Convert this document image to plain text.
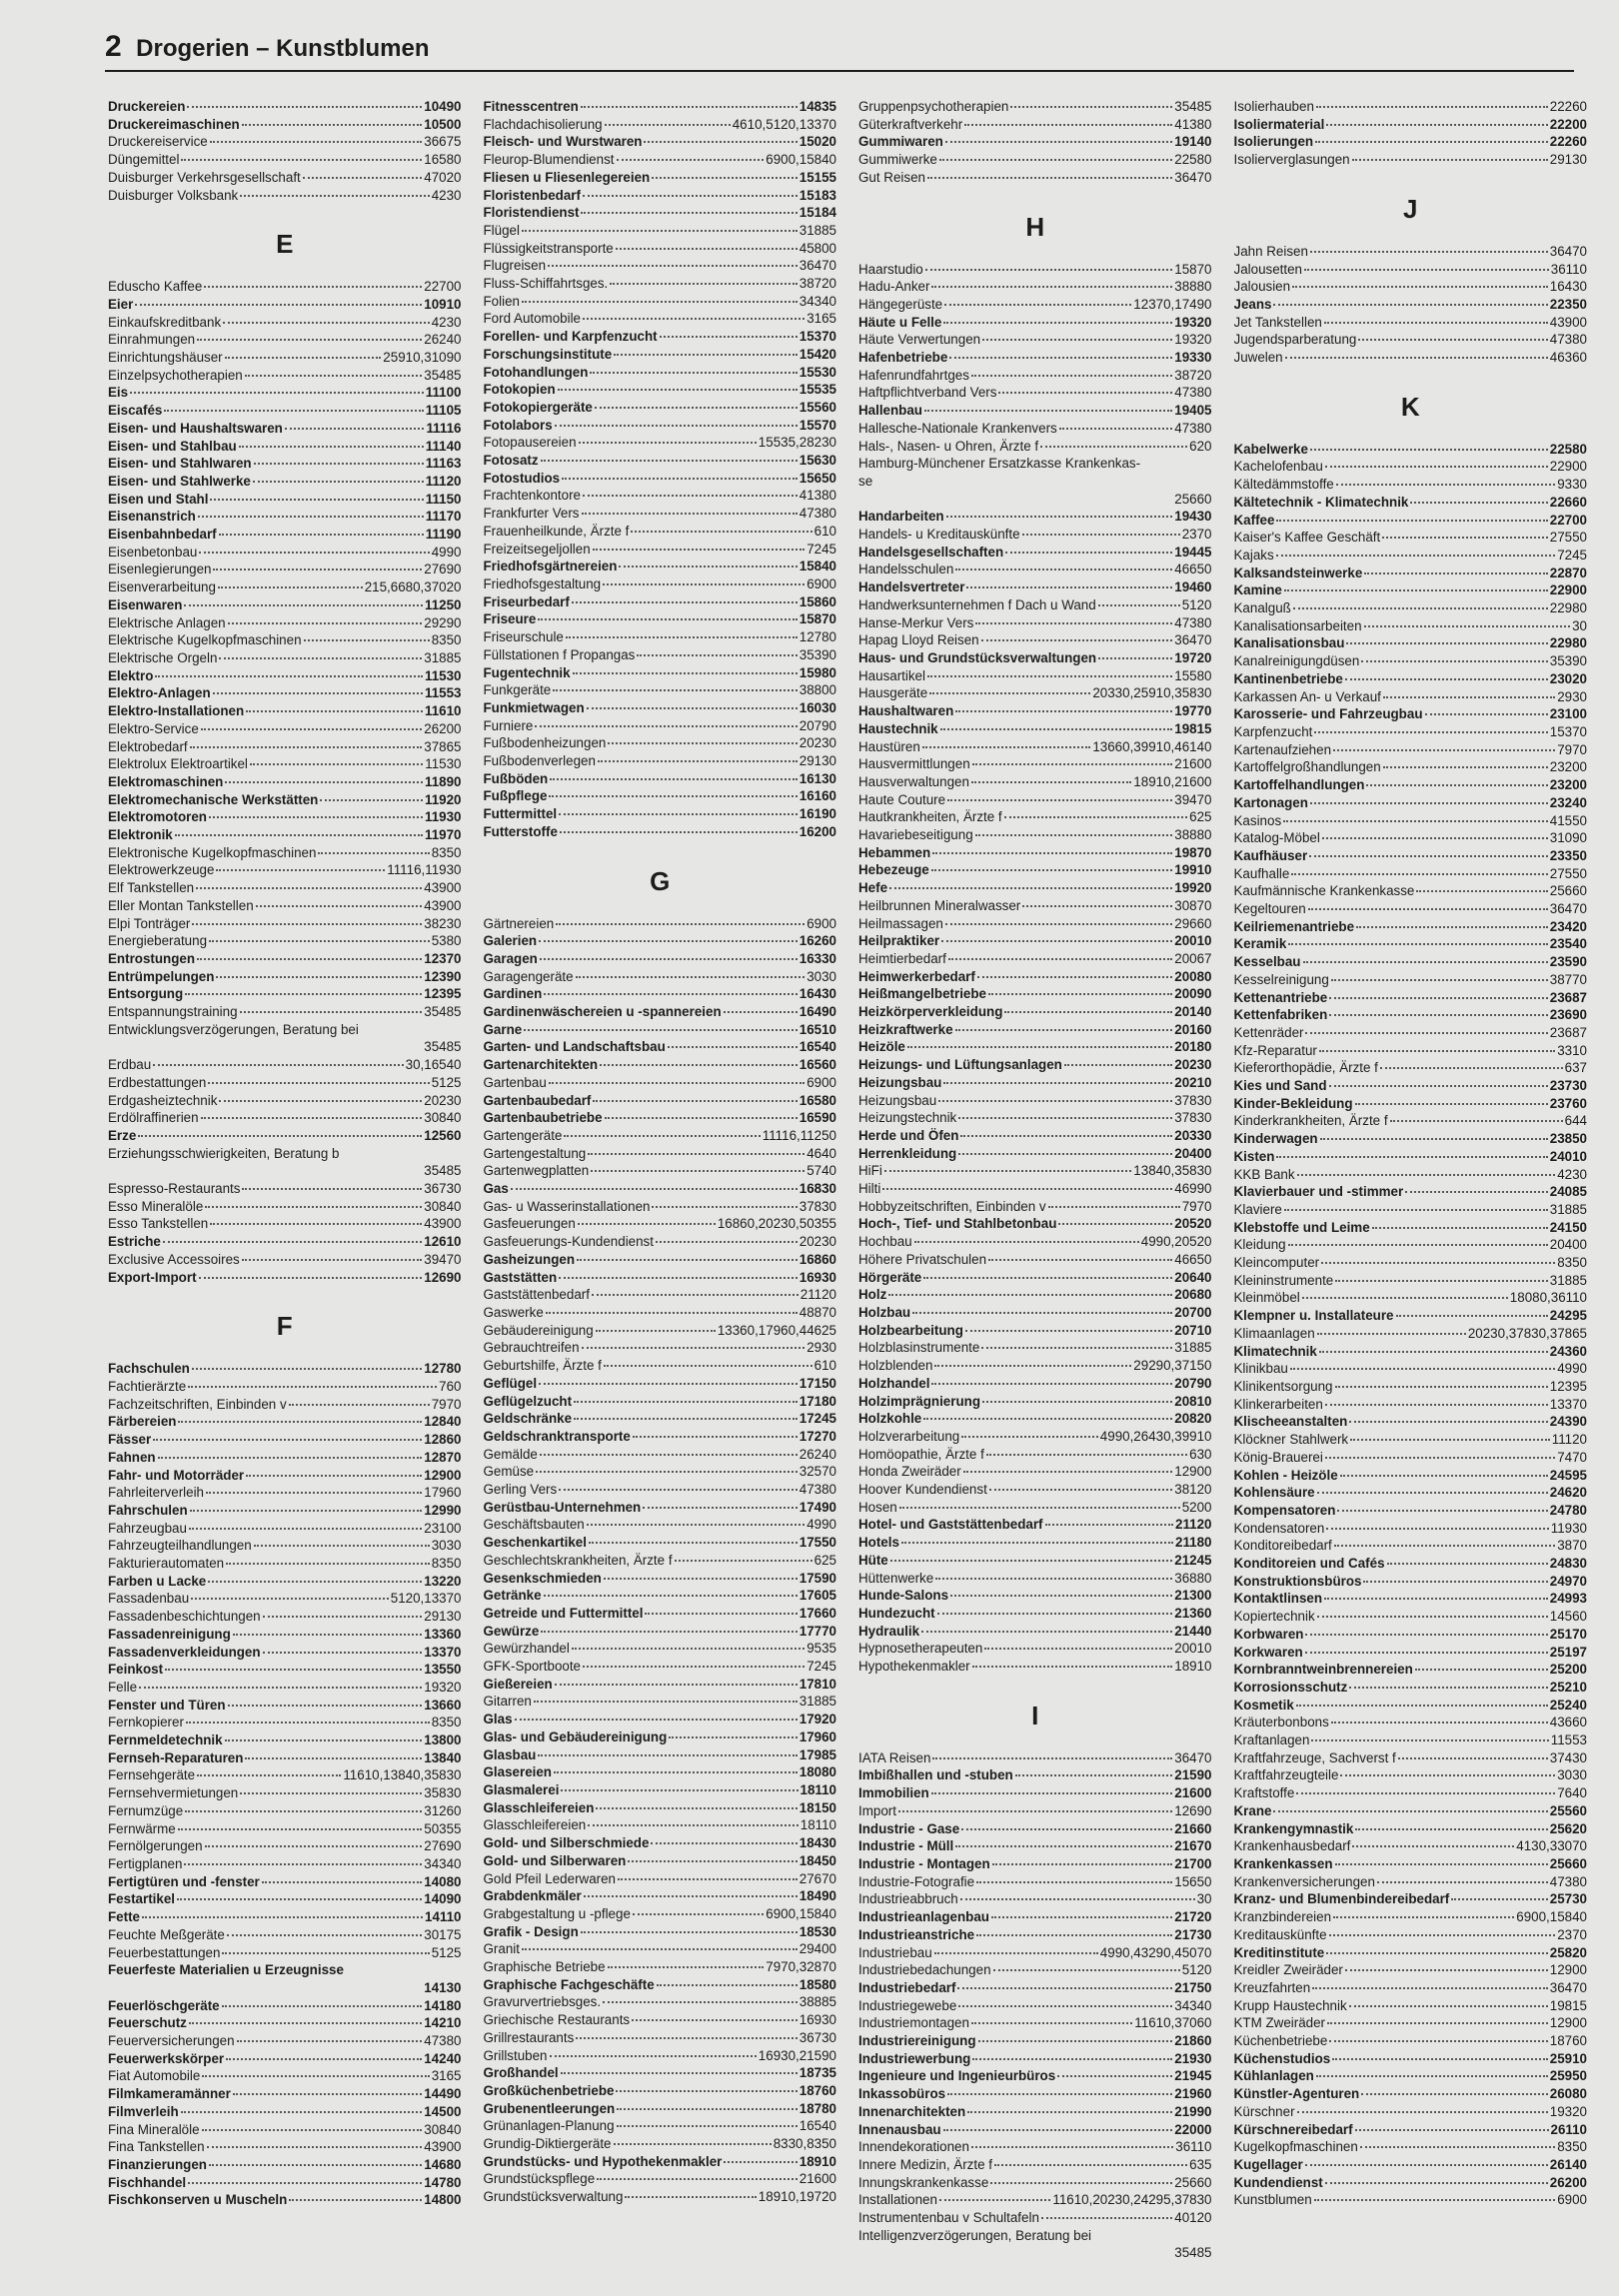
2 Drogerien – Kunstblumen
Druckereien	10490
Druckereimaschinen	10500
Druckereiservice	36675
Düngemittel	16580
Duisburger Verkehrsgesellschaft	47020
Duisburger Volksbank	4230
E
Eduscho Kaffee	22700
Eier	10910
Einkaufskreditbank	4230
Einrahmungen	26240
Einrichtungshäuser	25910,31090
Einzelpsychotherapien	35485
Eis	11100
Eiscafés	11105
Eisen- und Haushaltswaren	11116
Eisen- und Stahlbau	11140
Eisen- und Stahlwaren	11163
Eisen- und Stahlwerke	11120
Eisen und Stahl	11150
Eisenanstrich	11170
Eisenbahnbedarf	11190
Eisenbetonbau	4990
Eisenlegierungen	27690
Eisenverarbeitung	215,6680,37020
Eisenwaren	11250
Elektrische Anlagen	29290
Elektrische Kugelkopfmaschinen	8350
Elektrische Orgeln	31885
Elektro	11530
Elektro-Anlagen	11553
Elektro-Installationen	11610
Elektro-Service	26200
Elektrobedarf	37865
Elektrolux Elektroartikel	11530
Elektromaschinen	11890
Elektromechanische Werkstätten	11920
Elektromotoren	11930
Elektronik	11970
Elektronische Kugelkopfmaschinen	8350
Elektrowerkzeuge	11116,11930
Elf Tankstellen	43900
Eller Montan Tankstellen	43900
Elpi Tonträger	38230
Energieberatung	5380
Entrostungen	12370
Entrümpelungen	12390
Entsorgung	12395
Entspannungstraining	35485
Entwicklungsverzögerungen, Beratung bei
35485
Erdbau	30,16540
Erdbestattungen	5125
Erdgasheiztechnik	20230
Erdölraffinerien	30840
Erze	12560
Erziehungsschwierigkeiten, Beratung b
35485
Espresso-Restaurants	36730
Esso Mineralöle	30840
Esso Tankstellen	43900
Estriche	12610
Exclusive Accessoires	39470
Export-Import	12690
F
Fachschulen	12780
Fachtierärzte	760
Fachzeitschriften, Einbinden v	7970
Färbereien	12840
Fässer	12860
Fahnen	12870
Fahr- und Motorräder	12900
Fahrleiterverleih	17960
Fahrschulen	12990
Fahrzeugbau	23100
Fahrzeugteilhandlungen	3030
Fakturierautomaten	8350
Farben u Lacke	13220
Fassadenbau	5120,13370
Fassadenbeschichtungen	29130
Fassadenreinigung	13360
Fassadenverkleidungen	13370
Feinkost	13550
Felle	19320
Fenster und Türen	13660
Fernkopierer	8350
Fernmeldetechnik	13800
Fernseh-Reparaturen	13840
Fernsehgeräte	11610,13840,35830
Fernsehvermietungen	35830
Fernumzüge	31260
Fernwärme	50355
Fernölgerungen	27690
Fertigplanen	34340
Fertigtüren und -fenster	14080
Festartikel	14090
Fette	14110
Feuchte Meßgeräte	30175
Feuerbestattungen	5125
Feuerfeste Materialien u Erzeugnisse
14130
Feuerlöschgeräte	14180
Feuerschutz	14210
Feuerversicherungen	47380
Feuerwerkskörper	14240
Fiat Automobile	3165
Filmkameramänner	14490
Filmverleih	14500
Fina Mineralöle	30840
Fina Tankstellen	43900
Finanzierungen	14680
Fischhandel	14780
Fischkonserven u Muscheln	14800
Fitnesscentren	14835
Flachdachisolierung	4610,5120,13370
Fleisch- und Wurstwaren	15020
Fleurop-Blumendienst	6900,15840
Fliesen u Fliesenlegereien	15155
Floristenbedarf	15183
Floristendienst	15184
Flügel	31885
Flüssigkeitstransporte	45800
Flugreisen	36470
Fluss-Schiffahrtsges.	38720
Folien	34340
Ford Automobile	3165
Forellen- und Karpfenzucht	15370
Forschungsinstitute	15420
Fotohandlungen	15530
Fotokopien	15535
Fotokopiergeräte	15560
Fotolabors	15570
Fotopausereien	15535,28230
Fotosatz	15630
Fotostudios	15650
Frachtenkontore	41380
Frankfurter Vers	47380
Frauenheilkunde, Ärzte f	610
Freizeitsegeljollen	7245
Friedhofsgärtnereien	15840
Friedhofsgestaltung	6900
Friseurbedarf	15860
Friseure	15870
Friseurschule	12780
Füllstationen f Propangas	35390
Fugentechnik	15980
Funkgeräte	38800
Funkmietwagen	16030
Furniere	20790
Fußbodenheizungen	20230
Fußbodenverlegen	29130
Fußböden	16130
Fußpflege	16160
Futtermittel	16190
Futterstoffe	16200
G
Gärtnereien	6900
Galerien	16260
Garagen	16330
Garagengeräte	3030
Gardinen	16430
Gardinenwäschereien u -spannereien	16490
Garne	16510
Garten- und Landschaftsbau	16540
Gartenarchitekten	16560
Gartenbau	6900
Gartenbaubedarf	16580
Gartenbaubetriebe	16590
Gartengeräte	11116,11250
Gartengestaltung	4640
Gartenwegplatten	5740
Gas	16830
Gas- u Wasserinstallationen	37830
Gasfeuerungen	16860,20230,50355
Gasfeuerungs-Kundendienst	20230
Gasheizungen	16860
Gaststätten	16930
Gaststättenbedarf	21120
Gaswerke	48870
Gebäudereinigung	13360,17960,44625
Gebrauchtreifen	2930
Geburtshilfe, Ärzte f	610
Geflügel	17150
Geflügelzucht	17180
Geldschränke	17245
Geldschranktransporte	17270
Gemälde	26240
Gemüse	32570
Gerling Vers	47380
Gerüstbau-Unternehmen	17490
Geschäftsbauten	4990
Geschenkartikel	17550
Geschlechtskrankheiten, Ärzte f	625
Gesenkschmieden	17590
Getränke	17605
Getreide und Futtermittel	17660
Gewürze	17770
Gewürzhandel	9535
GFK-Sportboote	7245
Gießereien	17810
Gitarren	31885
Glas	17920
Glas- und Gebäudereinigung	17960
Glasbau	17985
Glasereien	18080
Glasmalerei	18110
Glasschleifereien	18150
Glasschleifereien	18110
Gold- und Silberschmiede	18430
Gold- und Silberwaren	18450
Gold Pfeil Lederwaren	27670
Grabdenkmäler	18490
Grabgestaltung u -pflege	6900,15840
Grafik - Design	18530
Granit	29400
Graphische Betriebe	7970,32870
Graphische Fachgeschäfte	18580
Gravurvertriebsges.	38885
Griechische Restaurants	16930
Grillrestaurants	36730
Grillstuben	16930,21590
Großhandel	18735
Großküchenbetriebe	18760
Grubenentleerungen	18780
Grünanlagen-Planung	16540
Grundig-Diktiergeräte	8330,8350
Grundstücks- und Hypothekenmakler	18910
Grundstückspflege	21600
Grundstücksverwaltung	18910,19720
Gruppenpsychotherapien	35485
Güterkraftverkehr	41380
Gummiwaren	19140
Gummiwerke	22580
Gut Reisen	36470
H
Haarstudio	15870
Hadu-Anker	38880
Hängegerüste	12370,17490
Häute u Felle	19320
Häute Verwertungen	19320
Hafenbetriebe	19330
Hafenrundfahrtges	38720
Haftpflichtverband Vers	47380
Hallenbau	19405
Hallesche-Nationale Krankenvers	47380
Hals-, Nasen- u Ohren, Ärzte f	620
Hamburg-Münchener Ersatzkasse Krankenkas-
se
25660
Handarbeiten	19430
Handels- u Kreditauskünfte	2370
Handelsgesellschaften	19445
Handelsschulen	46650
Handelsvertreter	19460
Handwerksunternehmen f Dach u Wand	5120
Hanse-Merkur Vers	47380
Hapag Lloyd Reisen	36470
Haus- und Grundstücksverwaltungen	19720
Hausartikel	15580
Hausgeräte	20330,25910,35830
Haushaltwaren	19770
Haustechnik	19815
Haustüren	13660,39910,46140
Hausvermittlungen	21600
Hausverwaltungen	18910,21600
Haute Couture	39470
Hautkrankheiten, Ärzte f	625
Havariebeseitigung	38880
Hebammen	19870
Hebezeuge	19910
Hefe	19920
Heilbrunnen Mineralwasser	30870
Heilmassagen	29660
Heilpraktiker	20010
Heimtierbedarf	20067
Heimwerkerbedarf	20080
Heißmangelbetriebe	20090
Heizkörperverkleidung	20140
Heizkraftwerke	20160
Heizöle	20180
Heizungs- und Lüftungsanlagen	20230
Heizungsbau	20210
Heizungsbau	37830
Heizungstechnik	37830
Herde und Öfen	20330
Herrenkleidung	20400
HiFi	13840,35830
Hilti	46990
Hobbyzeitschriften, Einbinden v	7970
Hoch-, Tief- und Stahlbetonbau	20520
Hochbau	4990,20520
Höhere Privatschulen	46650
Hörgeräte	20640
Holz	20680
Holzbau	20700
Holzbearbeitung	20710
Holzblasinstrumente	31885
Holzblenden	29290,37150
Holzhandel	20790
Holzimprägnierung	20810
Holzkohle	20820
Holzverarbeitung	4990,26430,39910
Homöopathie, Ärzte f	630
Honda Zweiräder	12900
Hoover Kundendienst	38120
Hosen	5200
Hotel- und Gaststättenbedarf	21120
Hotels	21180
Hüte	21245
Hüttenwerke	36880
Hunde-Salons	21300
Hundezucht	21360
Hydraulik	21440
Hypnosetherapeuten	20010
Hypothekenmakler	18910
I
IATA Reisen	36470
Imbißhallen und -stuben	21590
Immobilien	21600
Import	12690
Industrie - Gase	21660
Industrie - Müll	21670
Industrie - Montagen	21700
Industrie-Fotografie	15650
Industrieabbruch	30
Industrieanlagenbau	21720
Industrieanstriche	21730
Industriebau	4990,43290,45070
Industriebedachungen	5120
Industriebedarf	21750
Industriegewebe	34340
Industriemontagen	11610,37060
Industriereinigung	21860
Industriewerbung	21930
Ingenieure und Ingenieurbüros	21945
Inkassobüros	21960
Innenarchitekten	21990
Innenausbau	22000
Innendekorationen	36110
Innere Medizin, Ärzte f	635
Innungskrankenkasse	25660
Installationen	11610,20230,24295,37830
Instrumentenbau v Schultafeln	40120
Intelligenzverzögerungen, Beratung bei
35485
Isolierhauben	22260
Isoliermaterial	22200
Isolierungen	22260
Isolierverglasungen	29130
J
Jahn Reisen	36470
Jalousetten	36110
Jalousien	16430
Jeans	22350
Jet Tankstellen	43900
Jugendsparberatung	47380
Juwelen	46360
K
Kabelwerke	22580
Kachelofenbau	22900
Kältedämmstoffe	9330
Kältetechnik - Klimatechnik	22660
Kaffee	22700
Kaiser's Kaffee Geschäft	27550
Kajaks	7245
Kalksandsteinwerke	22870
Kamine	22900
Kanalguß	22980
Kanalisationsarbeiten	30
Kanalisationsbau	22980
Kanalreinigungdüsen	35390
Kantinenbetriebe	23020
Karkassen An- u Verkauf	2930
Karosserie- und Fahrzeugbau	23100
Karpfenzucht	15370
Kartenaufziehen	7970
Kartoffelgroßhandlungen	23200
Kartoffelhandlungen	23200
Kartonagen	23240
Kasinos	41550
Katalog-Möbel	31090
Kaufhäuser	23350
Kaufhalle	27550
Kaufmännische Krankenkasse	25660
Kegeltouren	36470
Keilriemenantriebe	23420
Keramik	23540
Kesselbau	23590
Kesselreinigung	38770
Kettenantriebe	23687
Kettenfabriken	23690
Kettenräder	23687
Kfz-Reparatur	3310
Kieferorthopädie, Ärzte f	637
Kies und Sand	23730
Kinder-Bekleidung	23760
Kinderkrankheiten, Ärzte f	644
Kinderwagen	23850
Kisten	24010
KKB Bank	4230
Klavierbauer und -stimmer	24085
Klaviere	31885
Klebstoffe und Leime	24150
Kleidung	20400
Kleincomputer	8350
Kleininstrumente	31885
Kleinmöbel	18080,36110
Klempner u. Installateure	24295
Klimaanlagen	20230,37830,37865
Klimatechnik	24360
Klinikbau	4990
Klinikentsorgung	12395
Klinkerarbeiten	13370
Klischeeanstalten	24390
Klöckner Stahlwerk	11120
König-Brauerei	7470
Kohlen - Heizöle	24595
Kohlensäure	24620
Kompensatoren	24780
Kondensatoren	11930
Konditoreibedarf	3870
Konditoreien und Cafés	24830
Konstruktionsbüros	24970
Kontaktlinsen	24993
Kopiertechnik	14560
Korbwaren	25170
Korkwaren	25197
Kornbranntweinbrennereien	25200
Korrosionsschutz	25210
Kosmetik	25240
Kräuterbonbons	43660
Kraftanlagen	11553
Kraftfahrzeuge, Sachverst f	37430
Kraftfahrzeugteile	3030
Kraftstoffe	7640
Krane	25560
Krankengymnastik	25620
Krankenhausbedarf	4130,33070
Krankenkassen	25660
Krankenversicherungen	47380
Kranz- und Blumenbindereibedarf	25730
Kranzbindereien	6900,15840
Kreditauskünfte	2370
Kreditinstitute	25820
Kreidler Zweiräder	12900
Kreuzfahrten	36470
Krupp Haustechnik	19815
KTM Zweiräder	12900
Küchenbetriebe	18760
Küchenstudios	25910
Kühlanlagen	25950
Künstler-Agenturen	26080
Kürschner	19320
Kürschnereibedarf	26110
Kugelkopfmaschinen	8350
Kugellager	26140
Kundendienst	26200
Kunstblumen	6900
